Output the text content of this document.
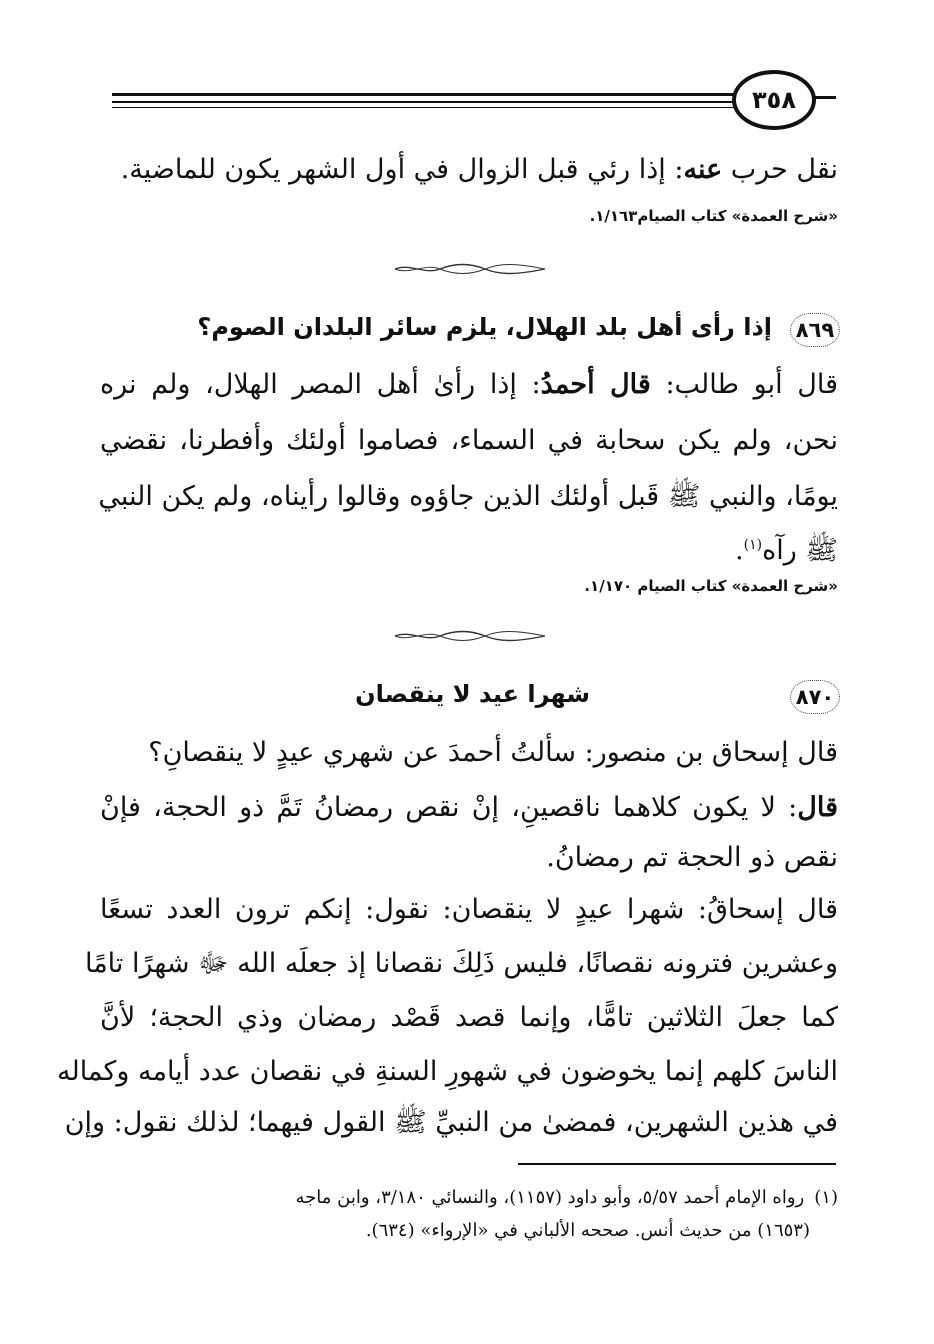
٣٥٨
نقل حرب عنه: إذا رئي قبل الزوال في أول الشهر يكون للماضية.
«شرح العمدة» كتاب الصيام١/١٦٣.
٨٦٩
إذا رأى أهل بلد الهلال، يلزم سائر البلدان الصوم؟
قال أبو طالب: قال أحمدُ: إذا رأىٰ أهل المصر الهلال، ولم نره
نحن، ولم يكن سحابة في السماء، فصاموا أولئك وأفطرنا، نقضي
يومًا، والنبي ﷺ قَبل أولئك الذين جاؤوه وقالوا رأيناه، ولم يكن النبي
ﷺ رآه$^{(١)}$.
«شرح العمدة» كتاب الصيام ١/١٧٠.
٨٧٠
شهرا عيد لا ينقصان
قال إسحاق بن منصور: سألتُ أحمدَ عن شهري عيدٍ لا ينقصانِ؟
قال: لا يكون كلاهما ناقصينِ، إنْ نقص رمضانُ تَمَّ ذو الحجة، فإنْ
نقص ذو الحجة تم رمضانُ.
قال إسحاقُ: شهرا عيدٍ لا ينقصان: نقول: إنكم ترون العدد تسعًا
وعشرين فترونه نقصانًا، فليس ذَلِكَ نقصانا إذ جعلَه الله ﷻ شهرًا تامًا
كما جعلَ الثلاثين تامًّا، وإنما قصد قَصْد رمضان وذي الحجة؛ لأنَّ
الناسَ كلهم إنما يخوضون في شهورِ السنةِ في نقصان عدد أيامه وكماله
في هذين الشهرين، فمضىٰ من النبيِّ ﷺ القول فيهما؛ لذلك نقول: وإن
(١)رواه الإمام أحمد ٥/٥٧، وأبو داود (١١٥٧)، والنسائي ٣/١٨٠، وابن ماجه
(١٦٥٣) من حديث أنس. صححه الألباني في «الإرواء» (٦٣٤).
